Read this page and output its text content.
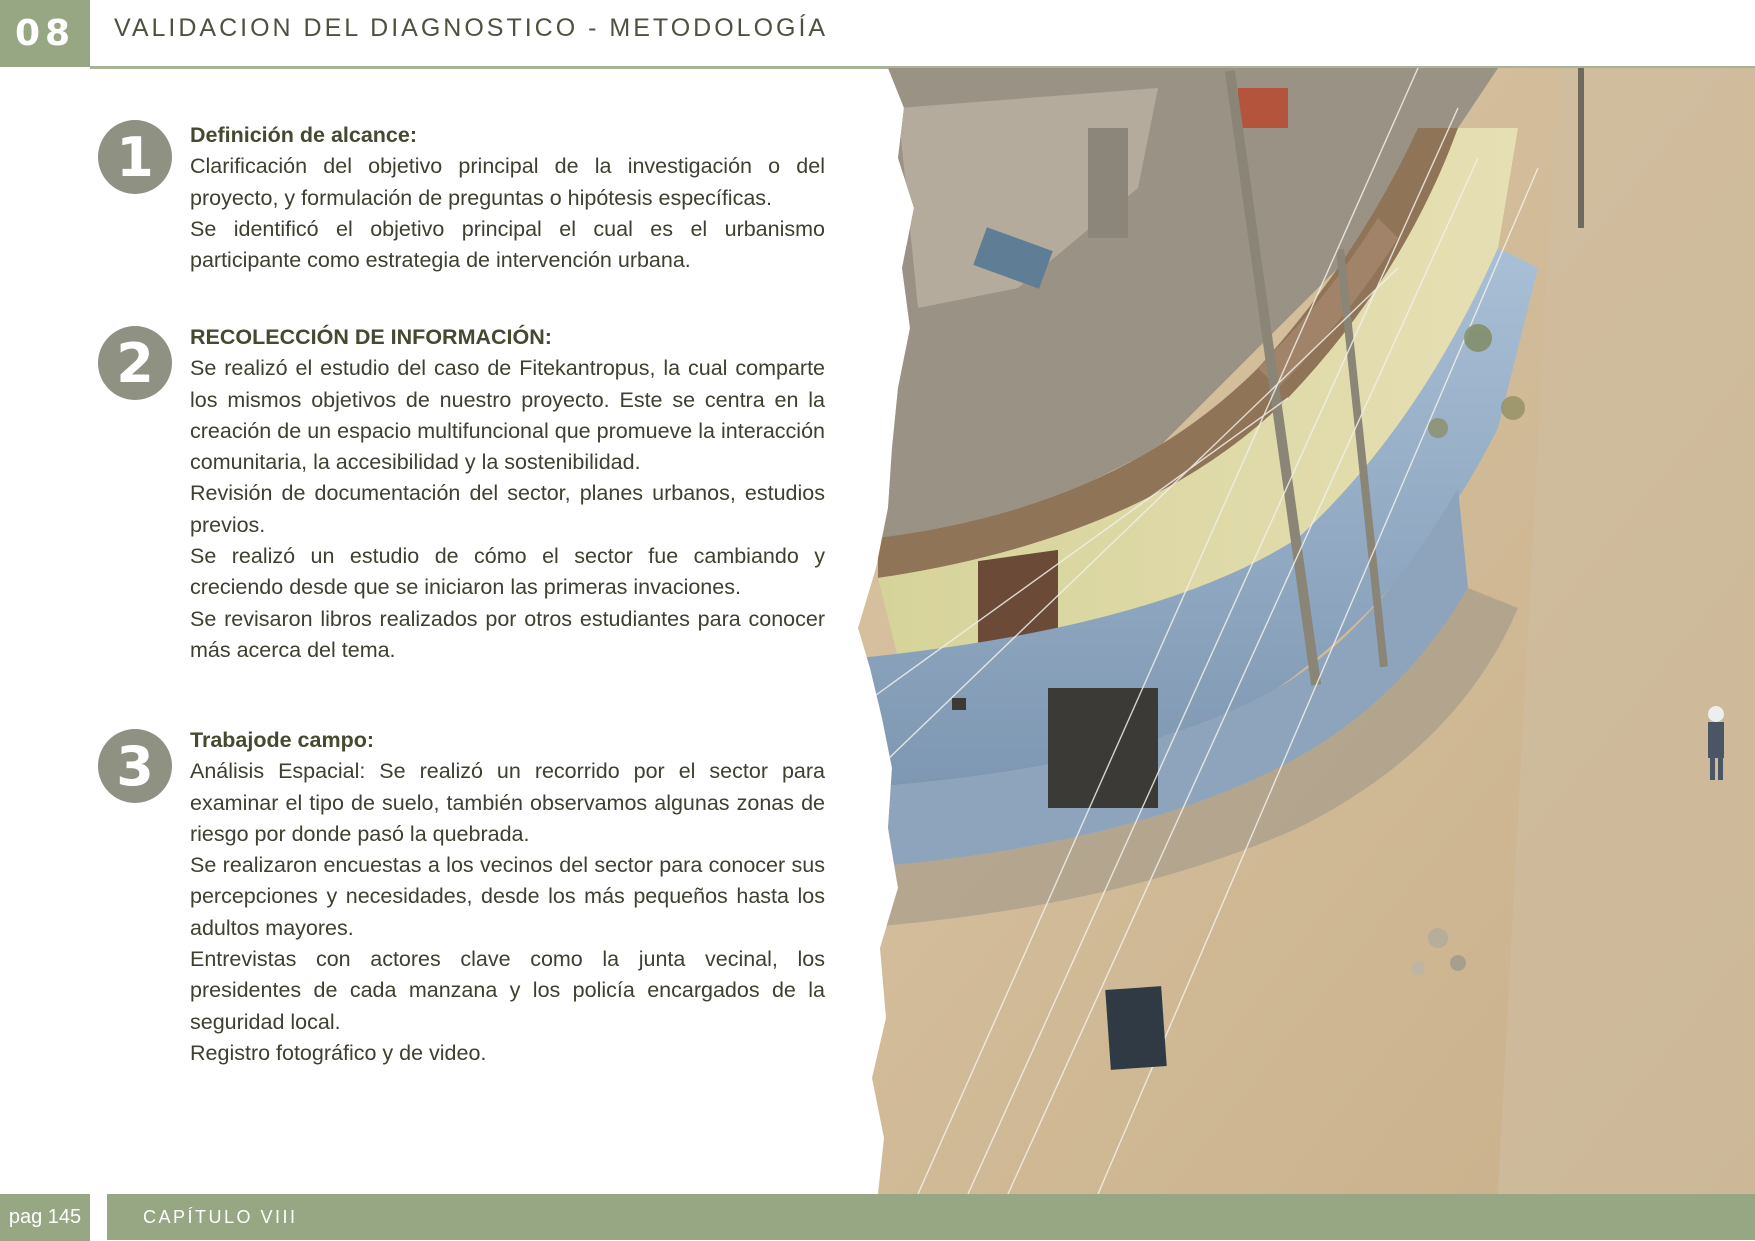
08	VALIDACION DEL DIAGNOSTICO - METODOLOGÍA
1	Definición de alcance:
Clarificación del objetivo principal de la investigación o del proyecto, y formulación de preguntas o hipótesis específicas.
Se identificó el objetivo principal el cual es el urbanismo participante como estrategia de intervención urbana.
2	RECOLECCIÓN DE INFORMACIÓN:
Se realizó el estudio del caso de Fitekantropus, la cual comparte los mismos objetivos de nuestro proyecto. Este se centra en la creación de un espacio multifuncional que promueve la interacción comunitaria, la accesibilidad y la sostenibilidad.
Revisión de documentación del sector, planes urbanos, estudios previos.
Se realizó un estudio de cómo el sector fue cambiando y creciendo desde que se iniciaron las primeras invaciones.
Se revisaron libros realizados por otros estudiantes para conocer más acerca del tema.
3	Trabajode campo:
Análisis Espacial: Se realizó un recorrido por el sector para examinar el tipo de suelo, también observamos algunas zonas de riesgo por donde pasó la quebrada.
Se realizaron encuestas a los vecinos del sector para conocer sus percepciones y necesidades, desde los más pequeños hasta los adultos mayores.
Entrevistas con actores clave como la junta vecinal, los presidentes de cada manzana y los policía encargados de la seguridad local.
Registro fotográfico y de video.
pag 145	CAPÍTULO VIII
